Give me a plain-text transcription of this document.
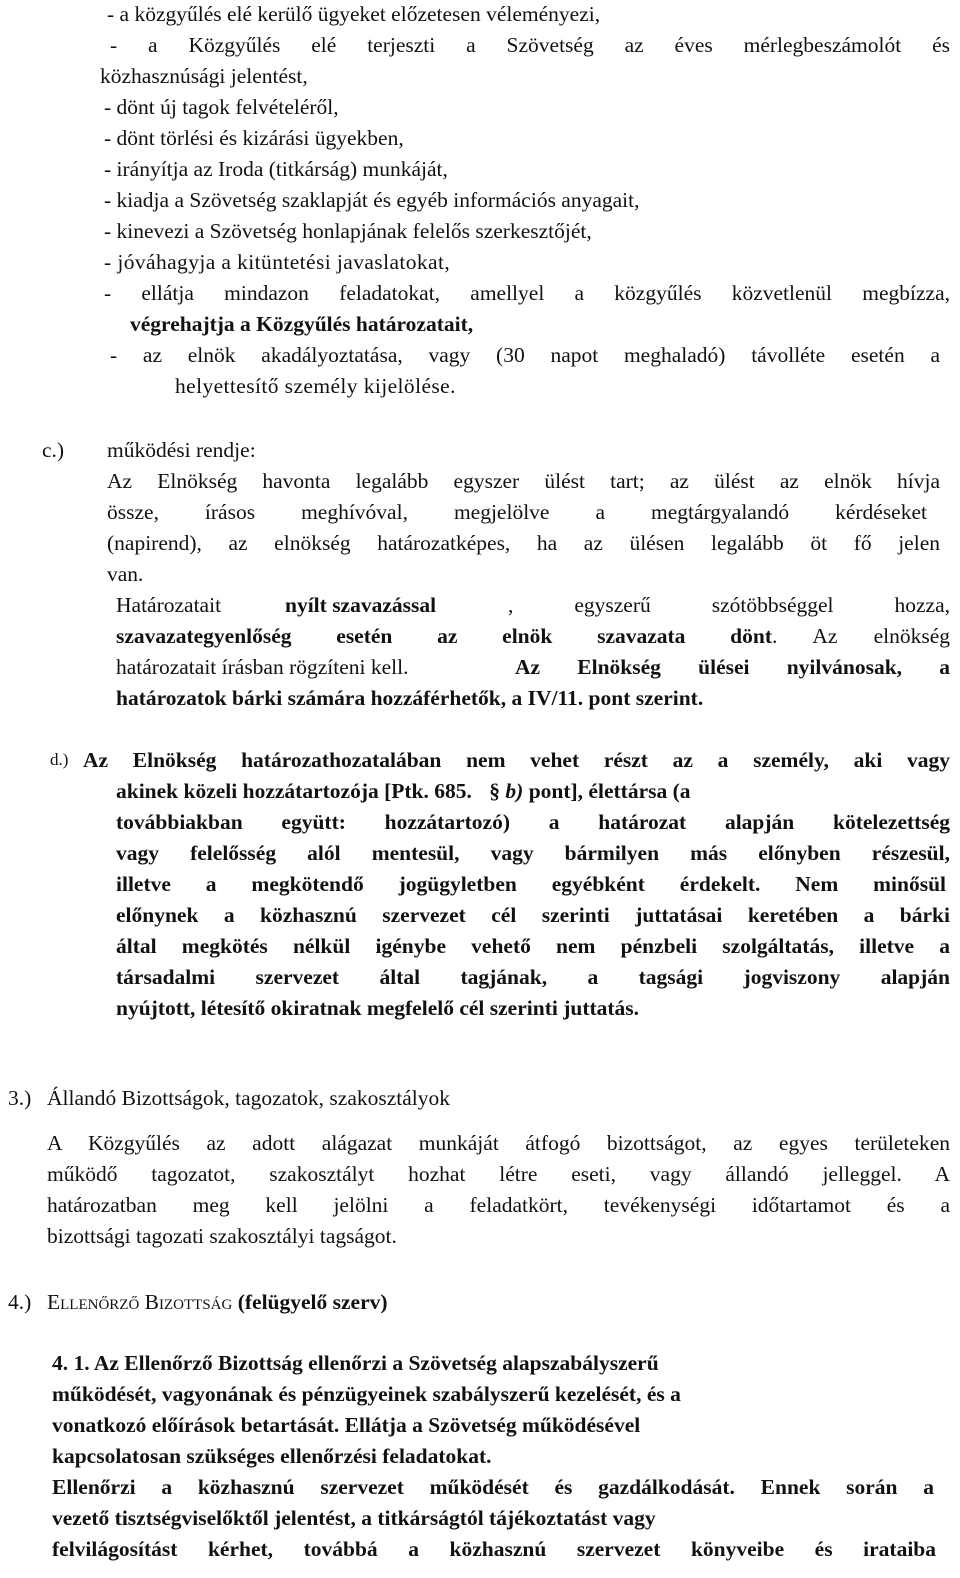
- a közgyűlés elé kerülő ügyeket előzetesen véleményezi,
- a Közgyűlés elé terjeszti a Szövetség az éves mérlegbeszámolót és
közhasznúsági jelentést,
- dönt új tagok felvételéről,
- dönt törlési és kizárási ügyekben,
- irányítja az Iroda (titkárság) munkáját,
- kiadja a Szövetség szaklapját és egyéb információs anyagait,
- kinevezi a Szövetség honlapjának felelős szerkesztőjét,
- jóváhagyja a kitüntetési javaslatokat,
- ellátja mindazon feladatokat, amellyel a közgyűlés közvetlenül megbízza,
végrehajtja a Közgyűlés határozatait,
- az elnök akadályoztatása, vagy (30 napot meghaladó) távolléte esetén a
helyettesítő személy kijelölése.
c.) működési rendje:
Az Elnökség havonta legalább egyszer ülést tart; az ülést az elnök hívja
össze, írásos meghívóval, megjelölve a megtárgyalandó kérdéseket
(napirend), az elnökség határozatképes, ha az ülésen legalább öt fő jelen
van.
Határozatait	nyílt szavazással	, egyszerű szótöbbséggel hozza,
szavazategyenlőség esetén az elnök szavazata dönt . Az elnökség
határozatait írásban rögzíteni kell.	Az Elnökség ülései nyilvánosak, a
határozatok bárki számára hozzáférhetők, a IV/11. pont szerint.
d.) Az Elnökség határozathozatalában nem vehet részt az a személy, aki vagy
akinek közeli hozzátartozója [Ptk. 685. § b) pont], élettársa (a
továbbiakban együtt: hozzátartozó) a határozat alapján kötelezettség
vagy felelősség alól mentesül, vagy bármilyen más előnyben részesül,
illetve a megkötendő jogügyletben egyébként érdekelt. Nem minősül
előnynek a közhasznú szervezet cél szerinti juttatásai keretében a bárki
által megkötés nélkül igénybe vehető nem pénzbeli szolgáltatás, illetve a
társadalmi szervezet által tagjának, a tagsági jogviszony alapján
nyújtott, létesítő okiratnak megfelelő cél szerinti juttatás.
3.) Állandó Bizottságok, tagozatok, szakosztályok
A Közgyűlés az adott alágazat munkáját átfogó bizottságot, az egyes területeken
működő tagozatot, szakosztályt hozhat létre eseti, vagy állandó jelleggel. A
határozatban meg kell jelölni a feladatkört, tevékenységi időtartamot és a
bizottsági tagozati szakosztályi tagságot.
4.) Ellenőrző Bizottság (felügyelő szerv)
4. 1. Az Ellenőrző Bizottság ellenőrzi a Szövetség alapszabályszerű
működését, vagyonának és pénzügyeinek szabályszerű kezelését, és a
vonatkozó előírások betartását. Ellátja a Szövetség működésével
kapcsolatosan szükséges ellenőrzési feladatokat.
Ellenőrzi a közhasznú szervezet működését és gazdálkodását. Ennek során a
vezető tisztségviselőktől jelentést, a titkárságtól tájékoztatást vagy
felvilágosítást kérhet, továbbá a közhasznú szervezet könyveibe és irataiba
